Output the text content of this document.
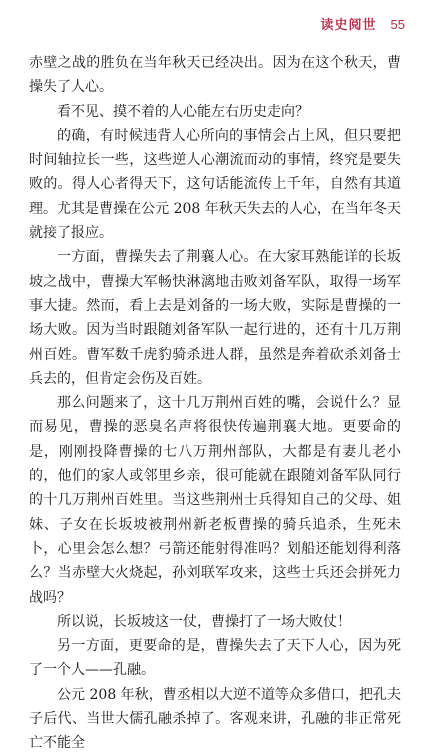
读史阅世 55

赤壁之战的胜负在当年秋天已经决出。因为在这个秋天，曹操失了人心。

看不见、摸不着的人心能左右历史走向？

的确，有时候违背人心所向的事情会占上风，但只要把时间轴拉长一些，这些逆人心潮流而动的事情，终究是要失败的。得人心者得天下，这句话能流传上千年，自然有其道理。尤其是曹操在公元 208 年秋天失去的人心，在当年冬天就接了报应。

一方面，曹操失去了荆襄人心。在大家耳熟能详的长坂坡之战中，曹操大军畅快淋漓地击败刘备军队，取得一场军事大捷。然而，看上去是刘备的一场大败，实际是曹操的一场大败。因为当时跟随刘备军队一起行进的，还有十几万荆州百姓。曹军数千虎豹骑杀进人群，虽然是奔着砍杀刘备士兵去的，但肯定会伤及百姓。

那么问题来了，这十几万荆州百姓的嘴，会说什么？显而易见，曹操的恶臭名声将很快传遍荆襄大地。更要命的是，刚刚投降曹操的七八万荆州部队，大都是有妻儿老小的，他们的家人或邻里乡亲，很可能就在跟随刘备军队同行的十几万荆州百姓里。当这些荆州士兵得知自己的父母、姐妹、子女在长坂坡被荆州新老板曹操的骑兵追杀，生死未卜，心里会怎么想？弓箭还能射得准吗？划船还能划得利落么？当赤壁大火烧起，孙刘联军攻来，这些士兵还会拼死力战吗？

所以说，长坂坡这一仗，曹操打了一场大败仗！

另一方面，更要命的是，曹操失去了天下人心，因为死了一个人——孔融。

公元 208 年秋，曹丞相以大逆不道等众多借口，把孔夫子后代、当世大儒孔融杀掉了。客观来讲，孔融的非正常死亡不能全
